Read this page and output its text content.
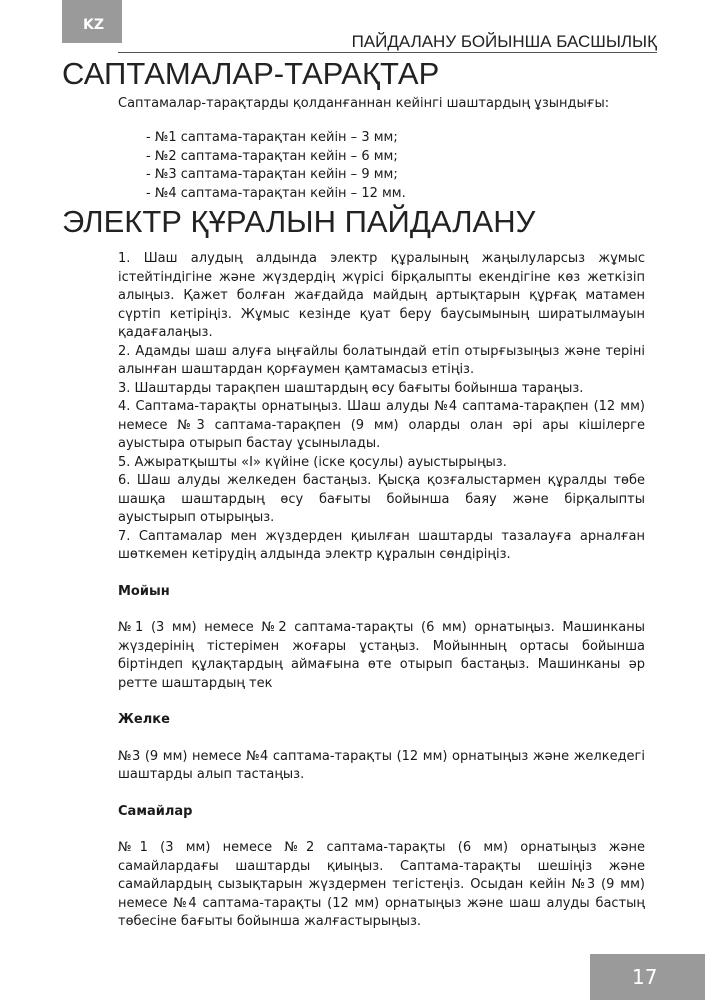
KZ
ПАЙДАЛАНУ БОЙЫНША БАСШЫЛЫҚ
САПТАМАЛАР-ТАРАҚТАР
Саптамалар-тарақтарды қолданғаннан кейінгі шаштардың ұзындығы:
- №1 саптама-тарақтан кейін – 3 мм;
- №2 саптама-тарақтан кейін – 6 мм;
- №3 саптама-тарақтан кейін – 9 мм;
- №4 саптама-тарақтан кейін – 12 мм.
ЭЛЕКТР ҚҰРАЛЫН ПАЙДАЛАНУ

1. Шаш алудың алдында электр құралының жаңылуларсыз жұмыс істейтіндігіне және жүздердің жүрісі бірқалыпты екендігіне көз жеткізіп алыңыз. Қажет болған жағдайда майдың артықтарын құрғақ матамен сүртіп кетіріңіз. Жұмыс кезінде қуат беру баусымының ширатылмауын қадағалаңыз.

2. Адамды шаш алуға ыңғайлы болатындай етіп отырғызыңыз және теріні алынған шаштардан қорғаумен қамтамасыз етіңіз.

3. Шаштарды тарақпен шаштардың өсу бағыты бойынша тараңыз.

4. Саптама-тарақты орнатыңыз. Шаш алуды №4 саптама-тарақпен (12 мм) немесе №3 саптама-тарақпен (9 мм) оларды олан әрі ары кішілерге ауыстыра отырып бастау ұсынылады.

5. Ажыратқышты «I» күйіне (іске қосулы) ауыстырыңыз.

6. Шаш алуды желкеден бастаңыз. Қысқа қозғалыстармен құралды төбе шашқа шаштардың өсу бағыты бойынша баяу және бірқалыпты ауыстырып отырыңыз.

7. Саптамалар мен жүздерден қиылған шаштарды тазалауға арналған шөткемен кетірудің алдында электр құралын сөндіріңіз.

Мойын

№1 (3 мм) немесе №2 саптама-тарақты (6 мм) орнатыңыз. Машинканы жүздерінің тістерімен жоғары ұстаңыз. Мойынның ортасы бойынша біртіндеп құлақтардың аймағына өте отырып бастаңыз. Машинканы әр ретте шаштардың тек

Желке

№3 (9 мм) немесе №4 саптама-тарақты (12 мм) орнатыңыз және желкедегі шаштарды алып тастаңыз.

Самайлар

№1 (3 мм) немесе №2 саптама-тарақты (6 мм) орнатыңыз және самайлардағы шаштарды қиыңыз. Саптама-тарақты шешіңіз және самайлардың сызықтарын жүздермен тегістеңіз. Осыдан кейін №3 (9 мм) немесе №4 саптама-тарақты (12 мм) орнатыңыз және шаш алуды бастың төбесіне бағыты бойынша жалғастырыңыз.

17
